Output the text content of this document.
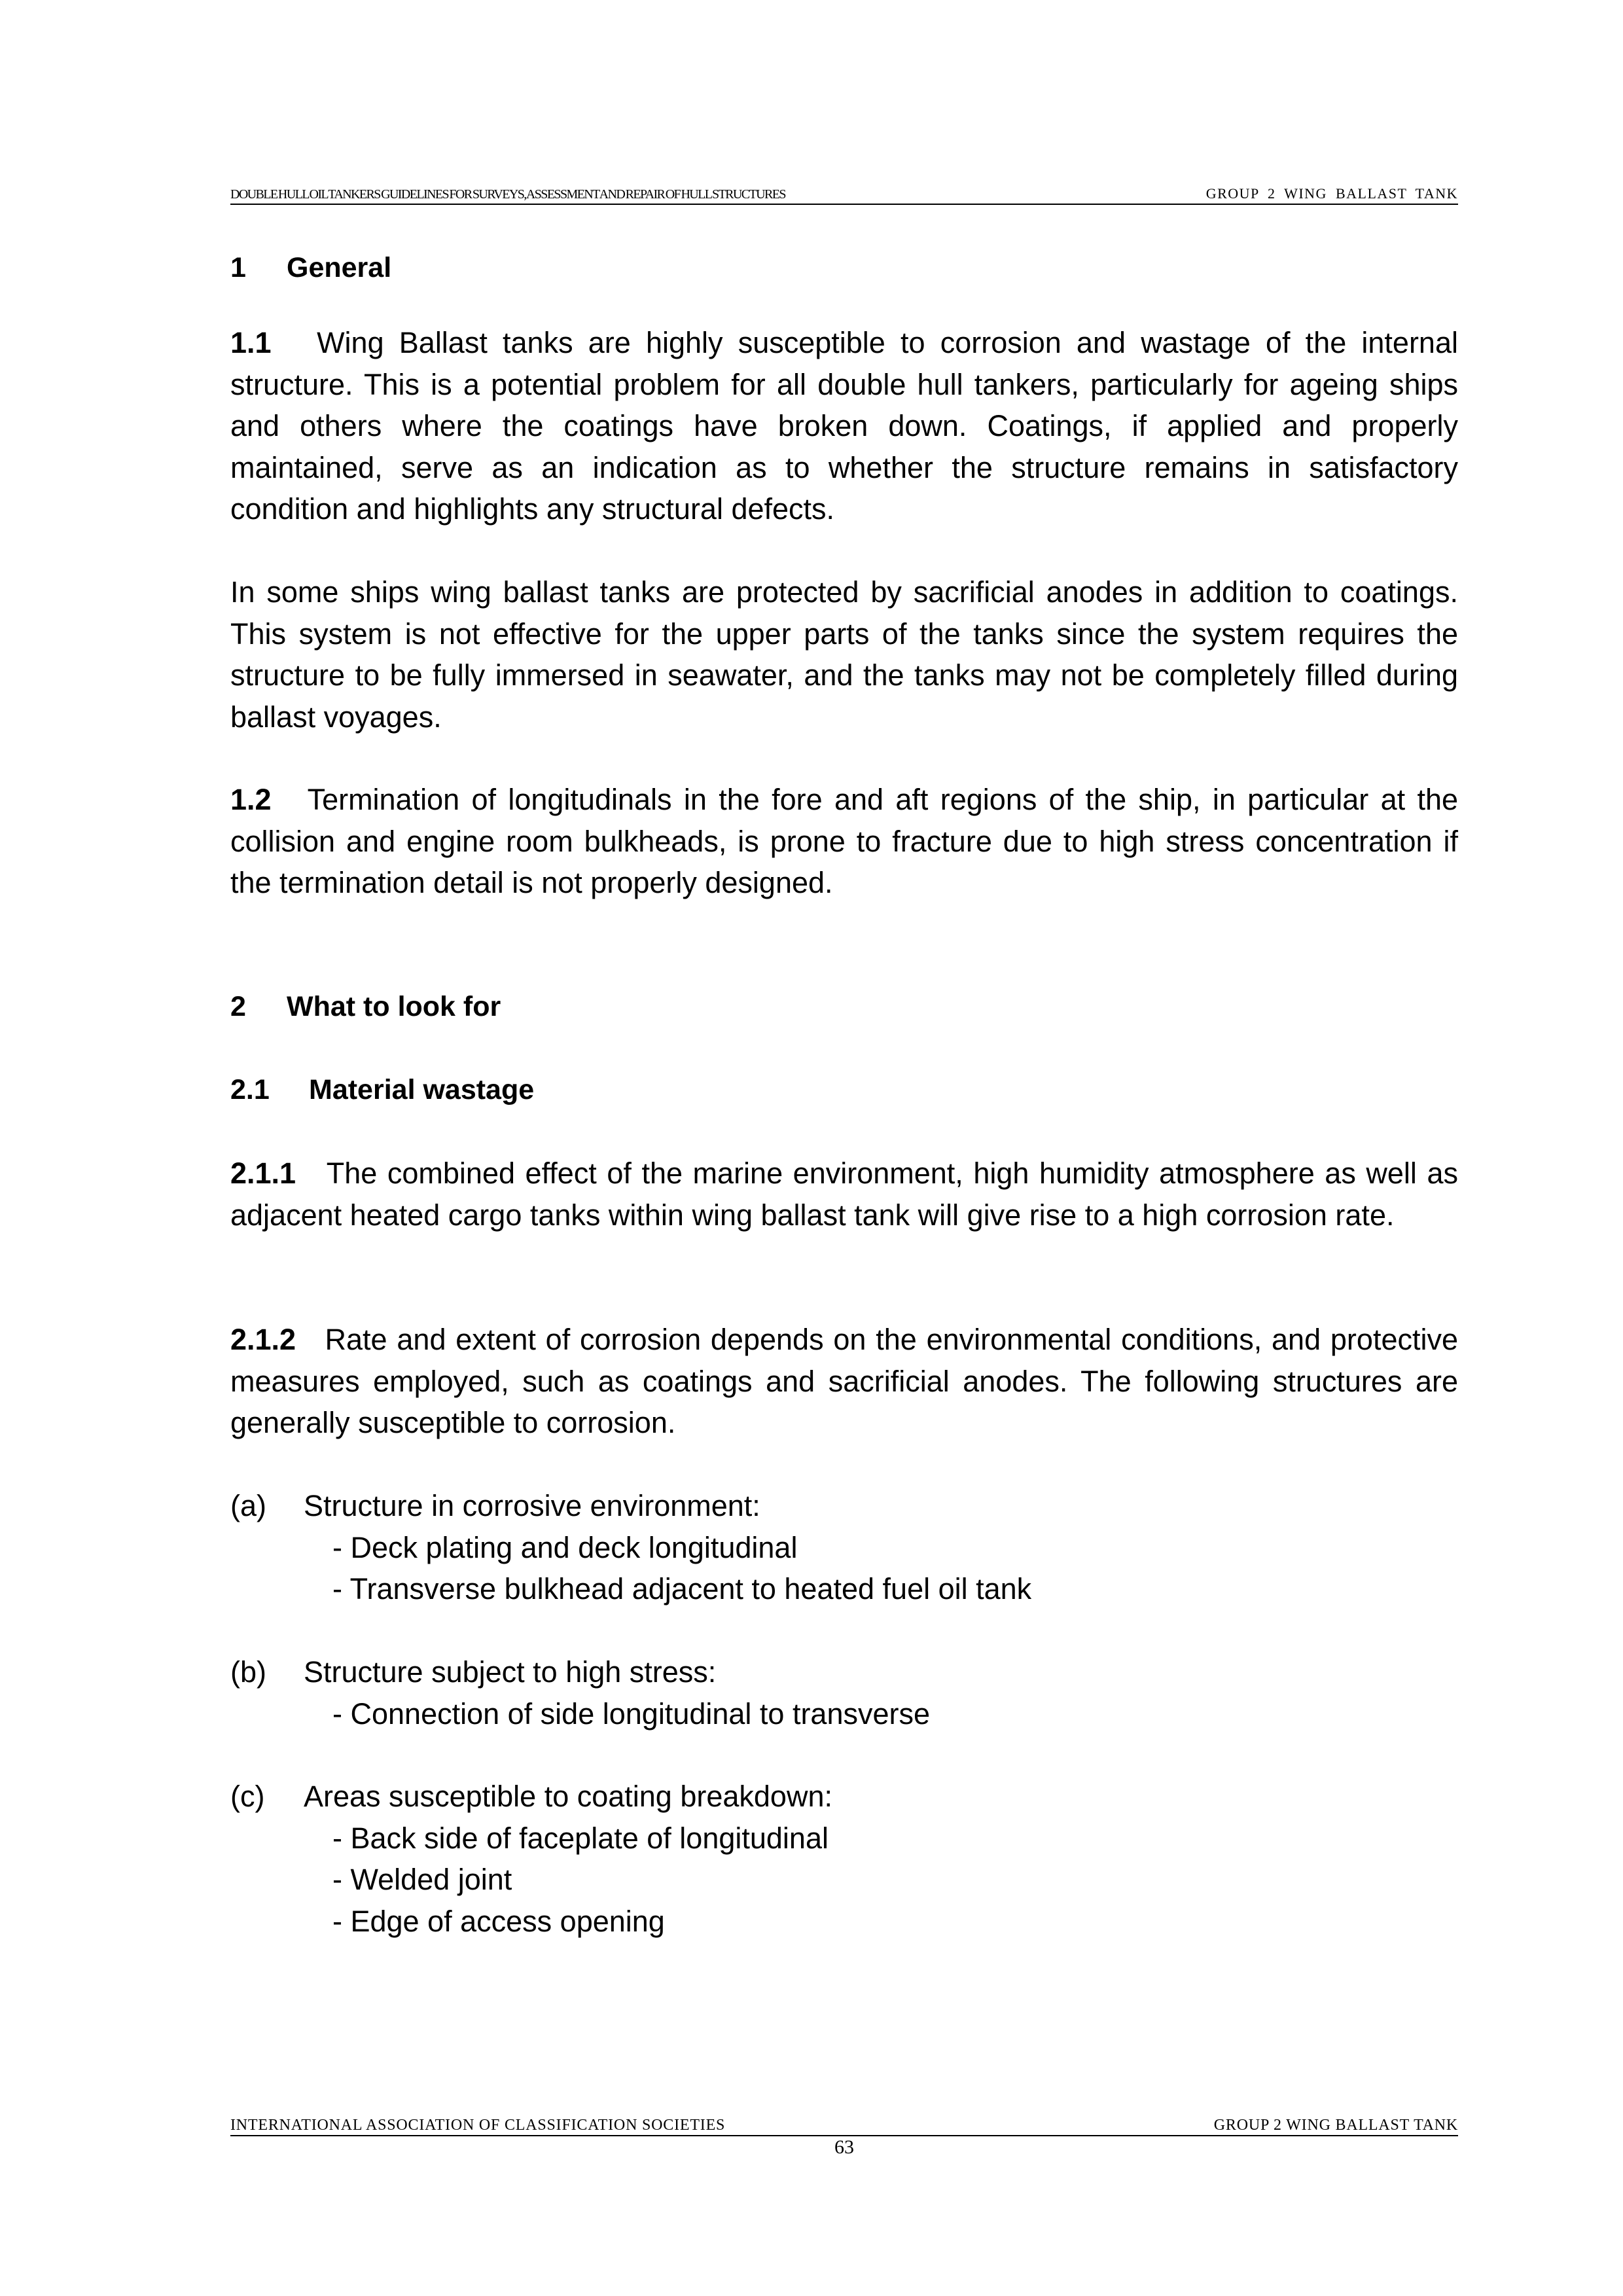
DOUBLE HULL OIL TANKERS GUIDELINES FOR SURVEYS, ASSESSMENT AND REPAIR OF HULL STRUCTURES	GROUP 2 WING BALLAST TANK
1 General
1.1 Wing Ballast tanks are highly susceptible to corrosion and wastage of the internal structure. This is a potential problem for all double hull tankers, particularly for ageing ships and others where the coatings have broken down. Coatings, if applied and properly maintained, serve as an indication as to whether the structure remains in satisfactory condition and highlights any structural defects.
In some ships wing ballast tanks are protected by sacrificial anodes in addition to coatings. This system is not effective for the upper parts of the tanks since the system requires the structure to be fully immersed in seawater, and the tanks may not be completely filled during ballast voyages.
1.2 Termination of longitudinals in the fore and aft regions of the ship, in particular at the collision and engine room bulkheads, is prone to fracture due to high stress concentration if the termination detail is not properly designed.
2 What to look for
2.1 Material wastage
2.1.1 The combined effect of the marine environment, high humidity atmosphere as well as adjacent heated cargo tanks within wing ballast tank will give rise to a high corrosion rate.
2.1.2 Rate and extent of corrosion depends on the environmental conditions, and protective measures employed, such as coatings and sacrificial anodes. The following structures are generally susceptible to corrosion.
(a) Structure in corrosive environment:
- Deck plating and deck longitudinal
- Transverse bulkhead adjacent to heated fuel oil tank
(b) Structure subject to high stress:
- Connection of side longitudinal to transverse
(c) Areas susceptible to coating breakdown:
- Back side of faceplate of longitudinal
- Welded joint
- Edge of access opening
INTERNATIONAL ASSOCIATION OF CLASSIFICATION SOCIETIES	GROUP 2 WING BALLAST TANK
63
